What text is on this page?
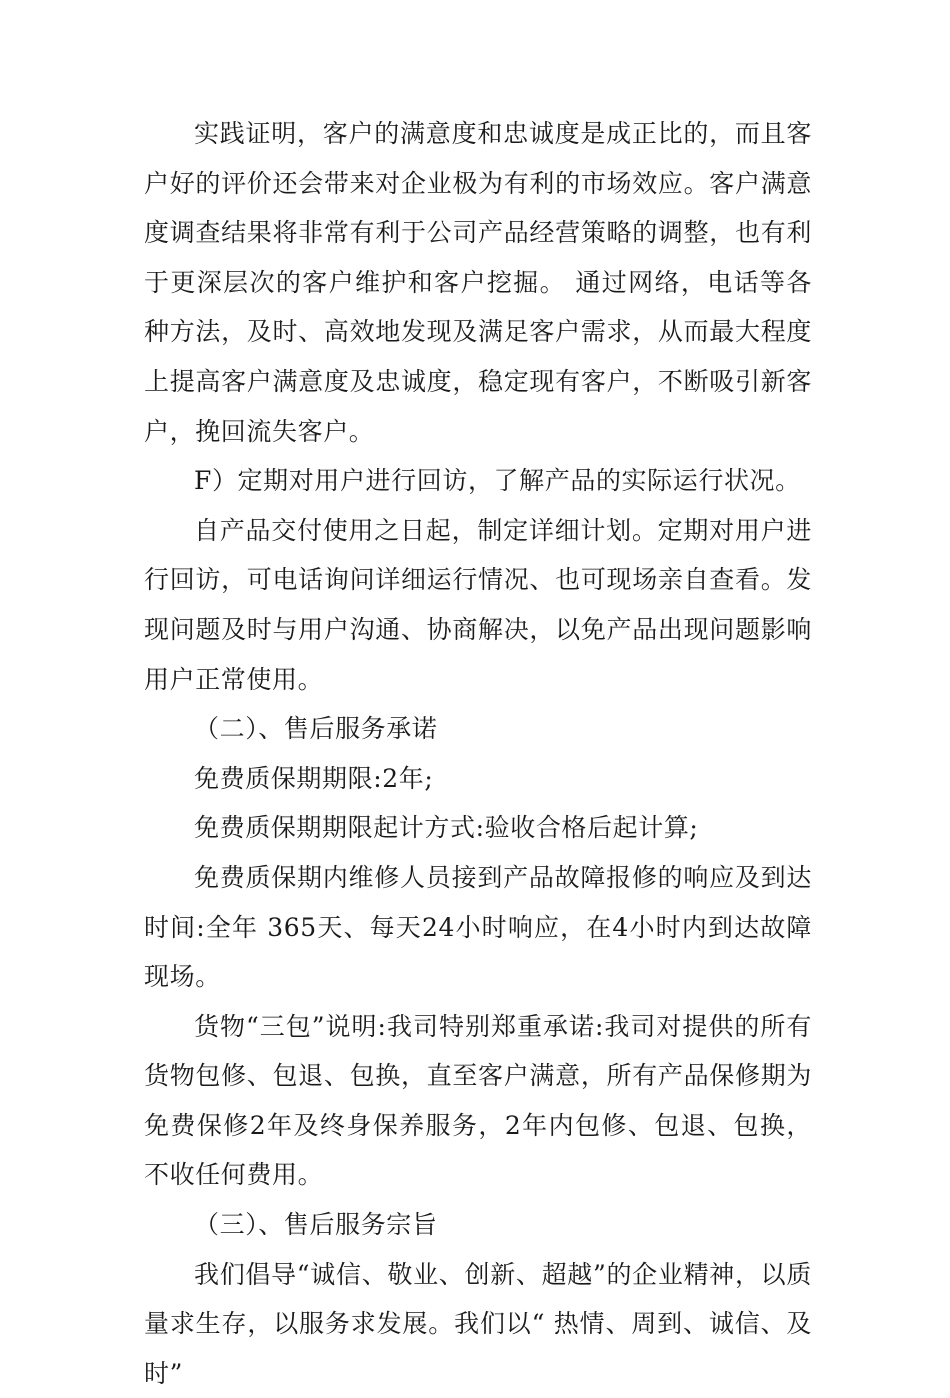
实践证明，客户的满意度和忠诚度是成正比的，而且客户好的评价还会带来对企业极为有利的市场效应。客户满意度调查结果将非常有利于公司产品经营策略的调整，也有利于更深层次的客户维护和客户挖掘。 通过网络，电话等各种方法，及时、高效地发现及满足客户需求，从而最大程度上提高客户满意度及忠诚度，稳定现有客户，不断吸引新客户，挽回流失客户。

F）定期对用户进行回访，了解产品的实际运行状况。

自产品交付使用之日起，制定详细计划。定期对用户进行回访，可电话询问详细运行情况、也可现场亲自查看。发现问题及时与用户沟通、协商解决，以免产品出现问题影响用户正常使用。

（二）、售后服务承诺

免费质保期期限:2年;

免费质保期期限起计方式:验收合格后起计算;

免费质保期内维修人员接到产品故障报修的响应及到达时间:全年 365天、每天24小时响应，在4小时内到达故障现场。

货物“三包”说明:我司特别郑重承诺:我司对提供的所有货物包修、包退、包换，直至客户满意，所有产品保修期为免费保修2年及终身保养服务，2年内包修、包退、包换，不收任何费用。

（三）、售后服务宗旨

我们倡导“诚信、敬业、创新、超越”的企业精神，以质量求生存，以服务求发展。我们以“ 热情、周到、诚信、及时”
